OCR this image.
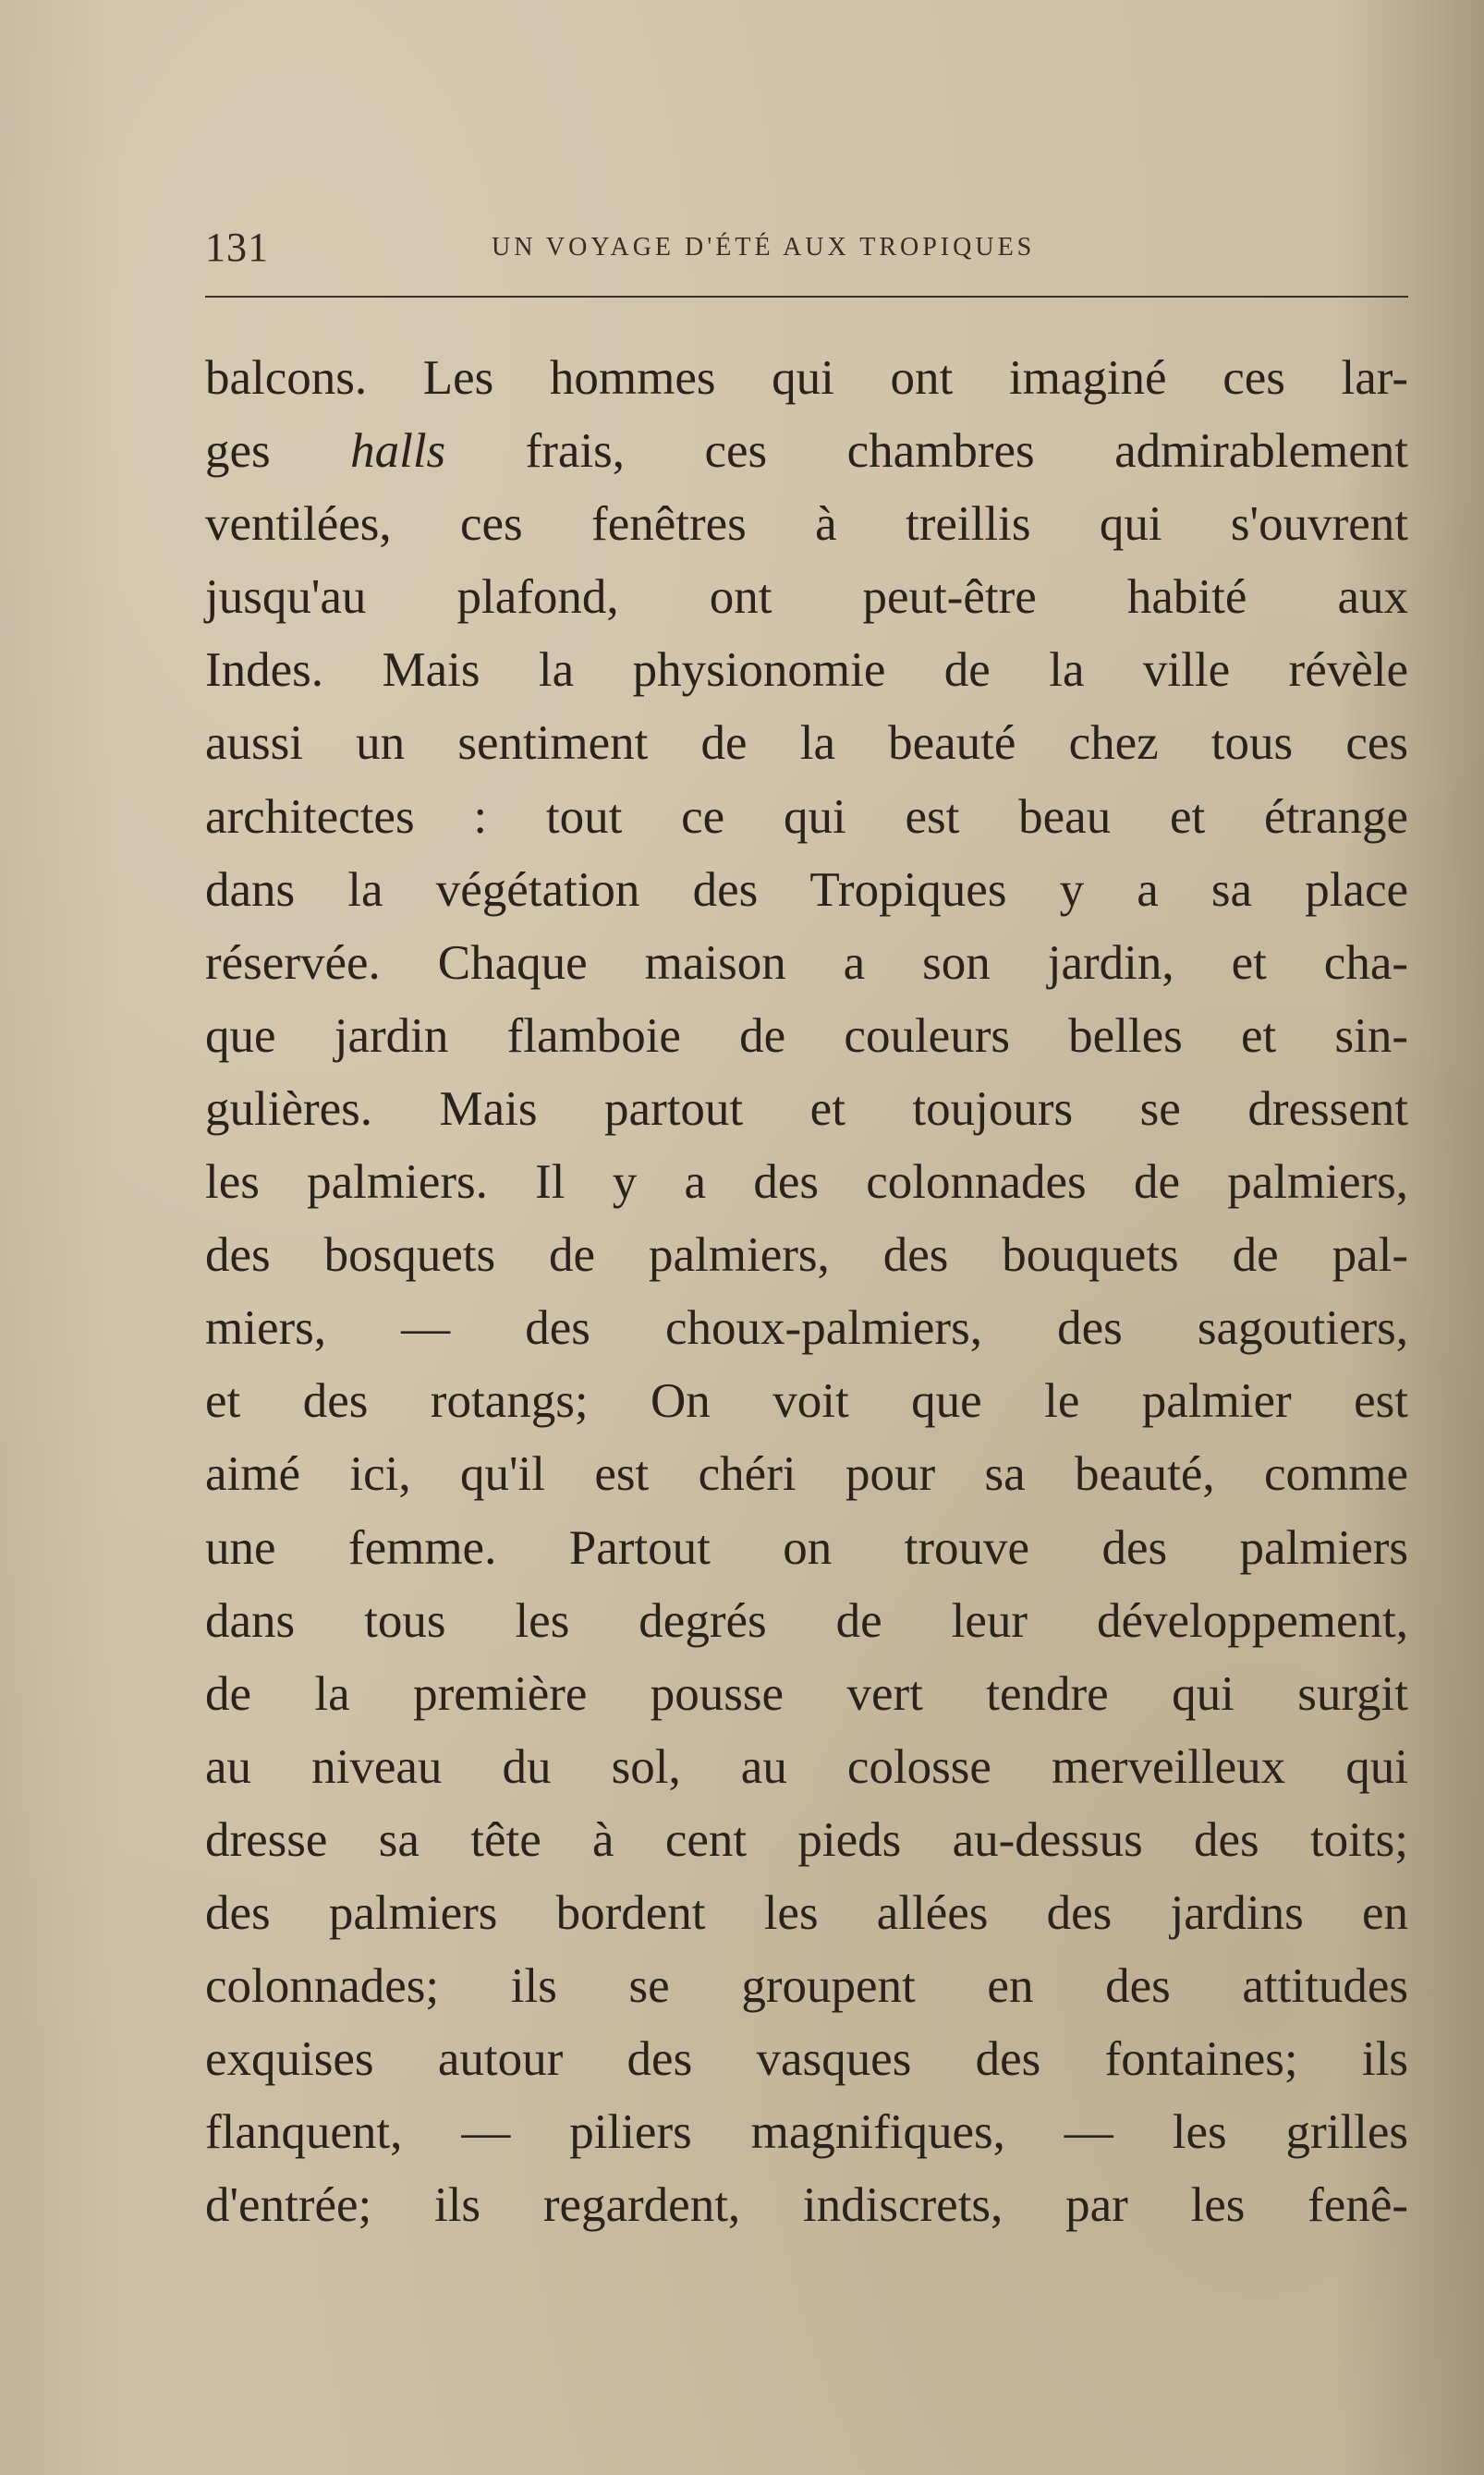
131	UN VOYAGE D'ÉTÉ AUX TROPIQUES
balcons. Les hommes qui ont imaginé ces lar-
ges halls frais, ces chambres admirablement
ventilées, ces fenêtres à treillis qui s'ouvrent
jusqu'au plafond, ont peut-être habité aux
Indes. Mais la physionomie de la ville révèle
aussi un sentiment de la beauté chez tous ces
architectes : tout ce qui est beau et étrange
dans la végétation des Tropiques y a sa place
réservée. Chaque maison a son jardin, et cha-
que jardin flamboie de couleurs belles et sin-
gulières. Mais partout et toujours se dressent
les palmiers. Il y a des colonnades de palmiers,
des bosquets de palmiers, des bouquets de pal-
miers, — des choux-palmiers, des sagoutiers,
et des rotangs; On voit que le palmier est
aimé ici, qu'il est chéri pour sa beauté, comme
une femme. Partout on trouve des palmiers
dans tous les degrés de leur développement,
de la première pousse vert tendre qui surgit
au niveau du sol, au colosse merveilleux qui
dresse sa tête à cent pieds au-dessus des toits;
des palmiers bordent les allées des jardins en
colonnades; ils se groupent en des attitudes
exquises autour des vasques des fontaines; ils
flanquent, — piliers magnifiques, — les grilles
d'entrée; ils regardent, indiscrets, par les fenê-
